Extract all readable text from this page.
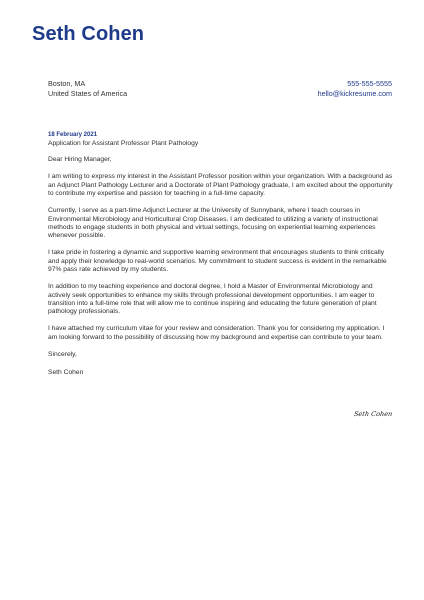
Seth Cohen
Boston, MA
United States of America
555-555-5555
hello@kickresume.com
18 February 2021
Application for Assistant Professor Plant Pathology
Dear Hiring Manager,

I am writing to express my interest in the Assistant Professor position within your organization. With a background as an Adjunct Plant Pathology Lecturer and a Doctorate of Plant Pathology graduate, I am excited about the opportunity to contribute my expertise and passion for teaching in a full-time capacity.

Currently, I serve as a part-time Adjunct Lecturer at the University of Sunnybank, where I teach courses in Environmental Microbiology and Horticultural Crop Diseases. I am dedicated to utilizing a variety of instructional methods to engage students in both physical and virtual settings, focusing on experiential learning experiences whenever possible.

I take pride in fostering a dynamic and supportive learning environment that encourages students to think critically and apply their knowledge to real-world scenarios. My commitment to student success is evident in the remarkable 97% pass rate achieved by my students.

In addition to my teaching experience and doctoral degree, I hold a Master of Environmental Microbiology and actively seek opportunities to enhance my skills through professional development opportunities. I am eager to transition into a full-time role that will allow me to continue inspiring and educating the future generation of plant pathology professionals.

I have attached my curriculum vitae for your review and consideration. Thank you for considering my application. I am looking forward to the possibility of discussing how my background and expertise can contribute to your team.

Sincerely,
Seth Cohen
Seth Cohen
